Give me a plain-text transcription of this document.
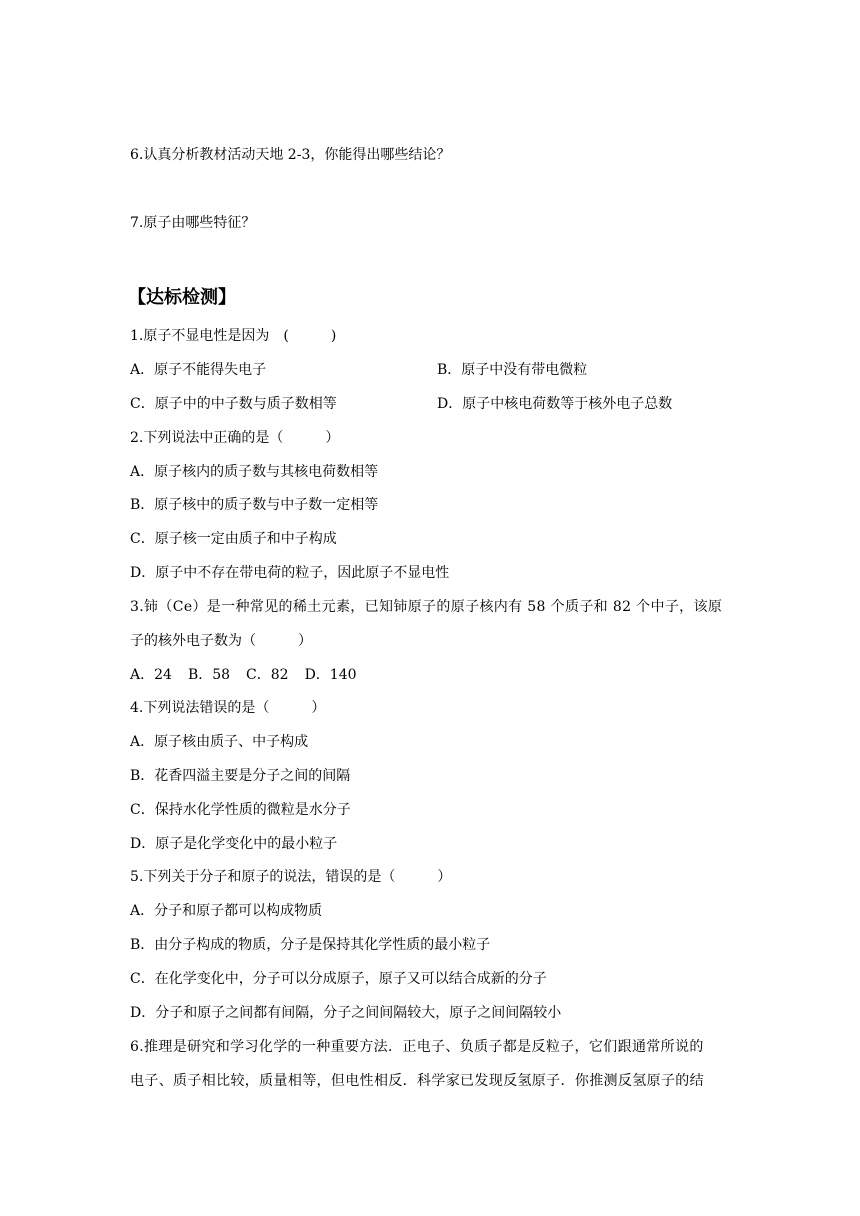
6.认真分析教材活动天地 2-3，你能得出哪些结论？
7.原子由哪些特征？
【达标检测】
1.原子不显电性是因为　(　　　)
A．原子不能得失电子	B．原子中没有带电微粒
C．原子中的中子数与质子数相等	D．原子中核电荷数等于核外电子总数
2.下列说法中正确的是（　　　）
A．原子核内的质子数与其核电荷数相等
B．原子核中的质子数与中子数一定相等
C．原子核一定由质子和中子构成
D．原子中不存在带电荷的粒子，因此原子不显电性
3.铈（Ce）是一种常见的稀土元素，已知铈原子的原子核内有 58 个质子和 82 个中子，该原
子的核外电子数为（　　　）
A．24 B．58 C．82 D．140
4.下列说法错误的是（　　　）
A．原子核由质子、中子构成
B．花香四溢主要是分子之间的间隔
C．保持水化学性质的微粒是水分子
D．原子是化学变化中的最小粒子
5.下列关于分子和原子的说法，错误的是（　　　）
A．分子和原子都可以构成物质
B．由分子构成的物质，分子是保持其化学性质的最小粒子
C．在化学变化中，分子可以分成原子，原子又可以结合成新的分子
D．分子和原子之间都有间隔，分子之间间隔较大，原子之间间隔较小
6.推理是研究和学习化学的一种重要方法．正电子、负质子都是反粒子，它们跟通常所说的
电子、质子相比较，质量相等，但电性相反．科学家已发现反氢原子．你推测反氢原子的结
